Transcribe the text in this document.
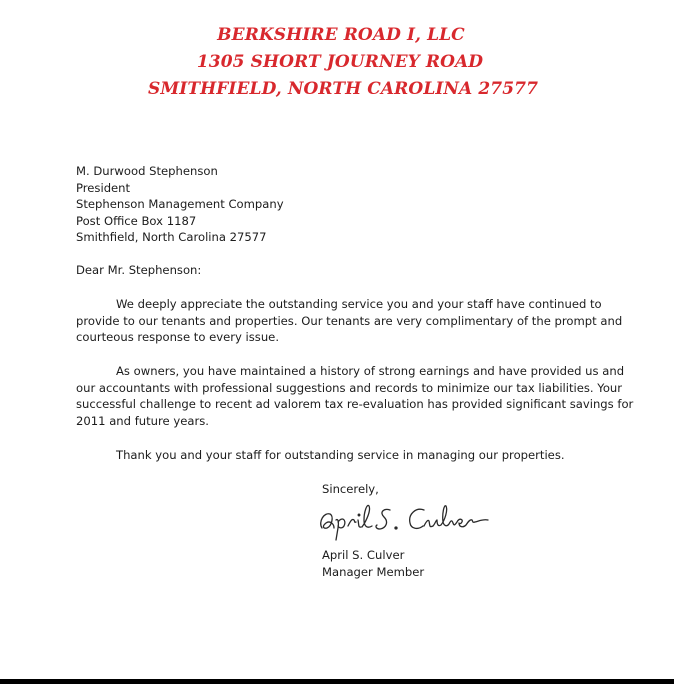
BERKSHIRE ROAD I, LLC
1305 SHORT JOURNEY ROAD
SMITHFIELD, NORTH CAROLINA 27577
M. Durwood Stephenson
President
Stephenson Management Company
Post Office Box 1187
Smithfield, North Carolina 27577
Dear Mr. Stephenson:
We deeply appreciate the outstanding service you and your staff have continued to
provide to our tenants and properties. Our tenants are very complimentary of the prompt and
courteous response to every issue.
As owners, you have maintained a history of strong earnings and have provided us and
our accountants with professional suggestions and records to minimize our tax liabilities. Your
successful challenge to recent ad valorem tax re-evaluation has provided significant savings for
2011 and future years.
Thank you and your staff for outstanding service in managing our properties.
Sincerely,
April S. Culver
Manager Member
